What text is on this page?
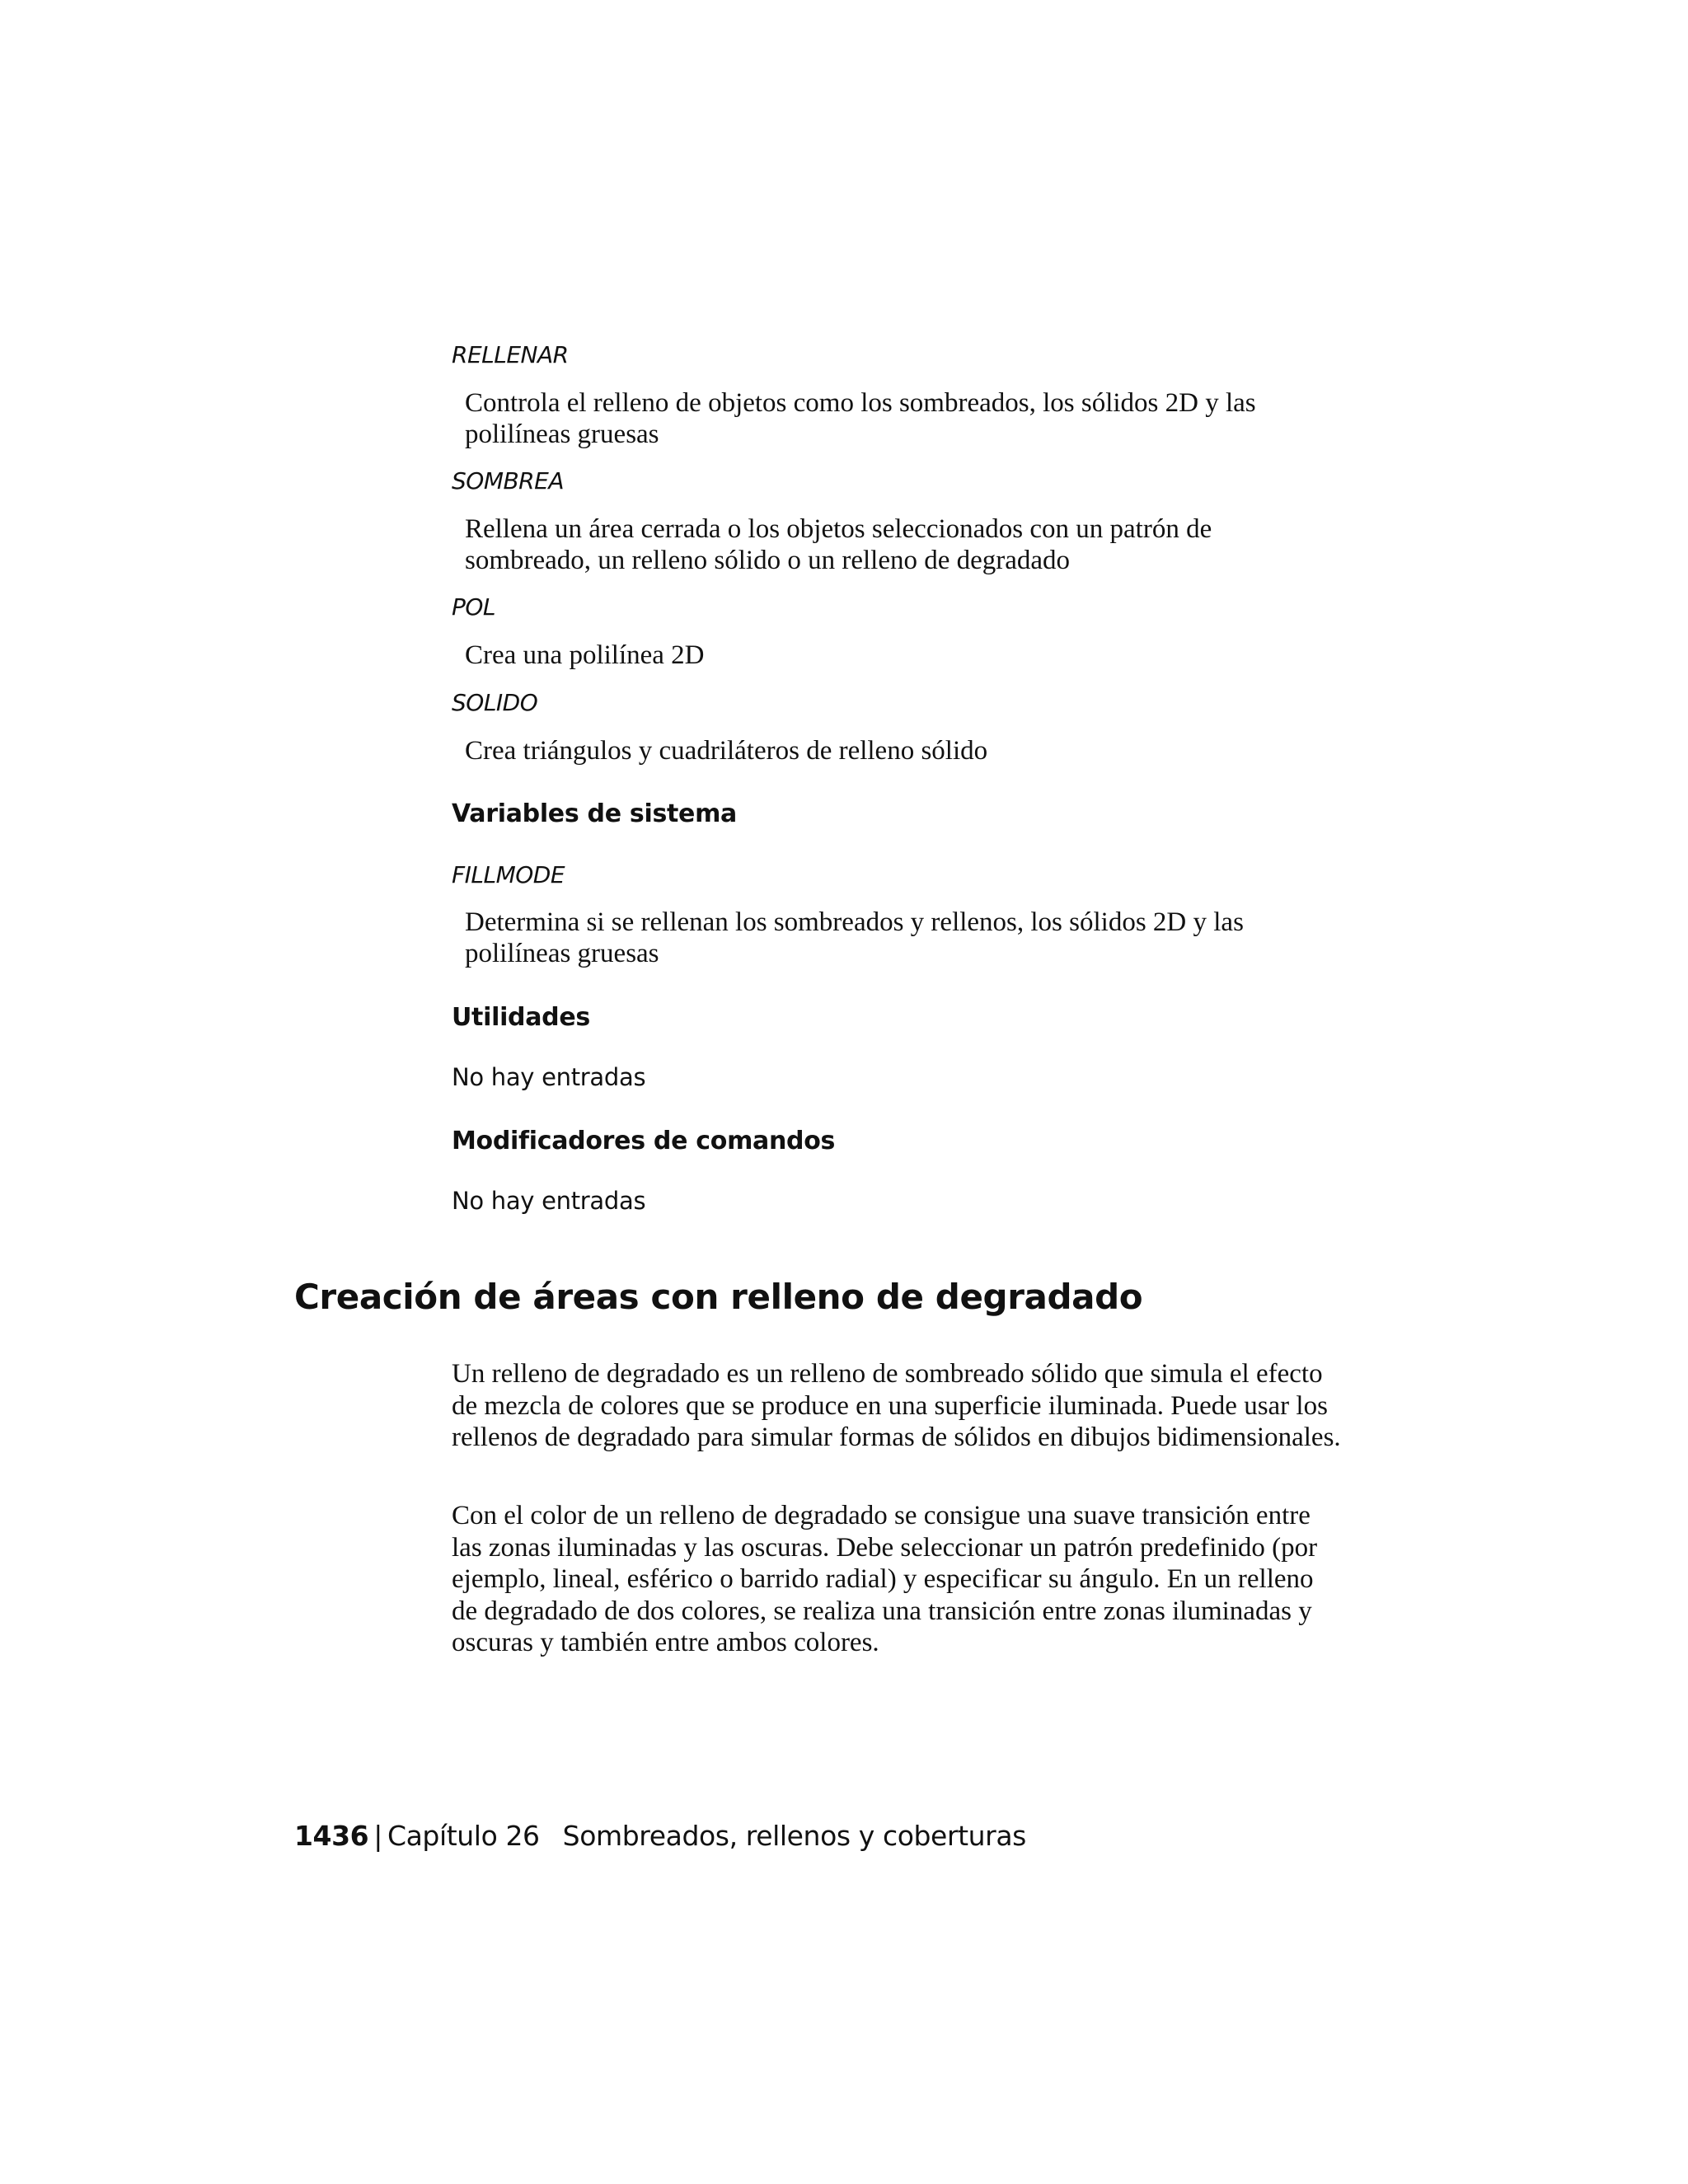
RELLENAR
Controla el relleno de objetos como los sombreados, los sólidos 2D y las polilíneas gruesas
SOMBREA
Rellena un área cerrada o los objetos seleccionados con un patrón de sombreado, un relleno sólido o un relleno de degradado
POL
Crea una polilínea 2D
SOLIDO
Crea triángulos y cuadriláteros de relleno sólido
Variables de sistema
FILLMODE
Determina si se rellenan los sombreados y rellenos, los sólidos 2D y las polilíneas gruesas
Utilidades
No hay entradas
Modificadores de comandos
No hay entradas
Creación de áreas con relleno de degradado
Un relleno de degradado es un relleno de sombreado sólido que simula el efecto de mezcla de colores que se produce en una superficie iluminada. Puede usar los rellenos de degradado para simular formas de sólidos en dibujos bidimensionales.
Con el color de un relleno de degradado se consigue una suave transición entre las zonas iluminadas y las oscuras. Debe seleccionar un patrón predefinido (por ejemplo, lineal, esférico o barrido radial) y especificar su ángulo. En un relleno de degradado de dos colores, se realiza una transición entre zonas iluminadas y oscuras y también entre ambos colores.
1436 | Capítulo 26 Sombreados, rellenos y coberturas
